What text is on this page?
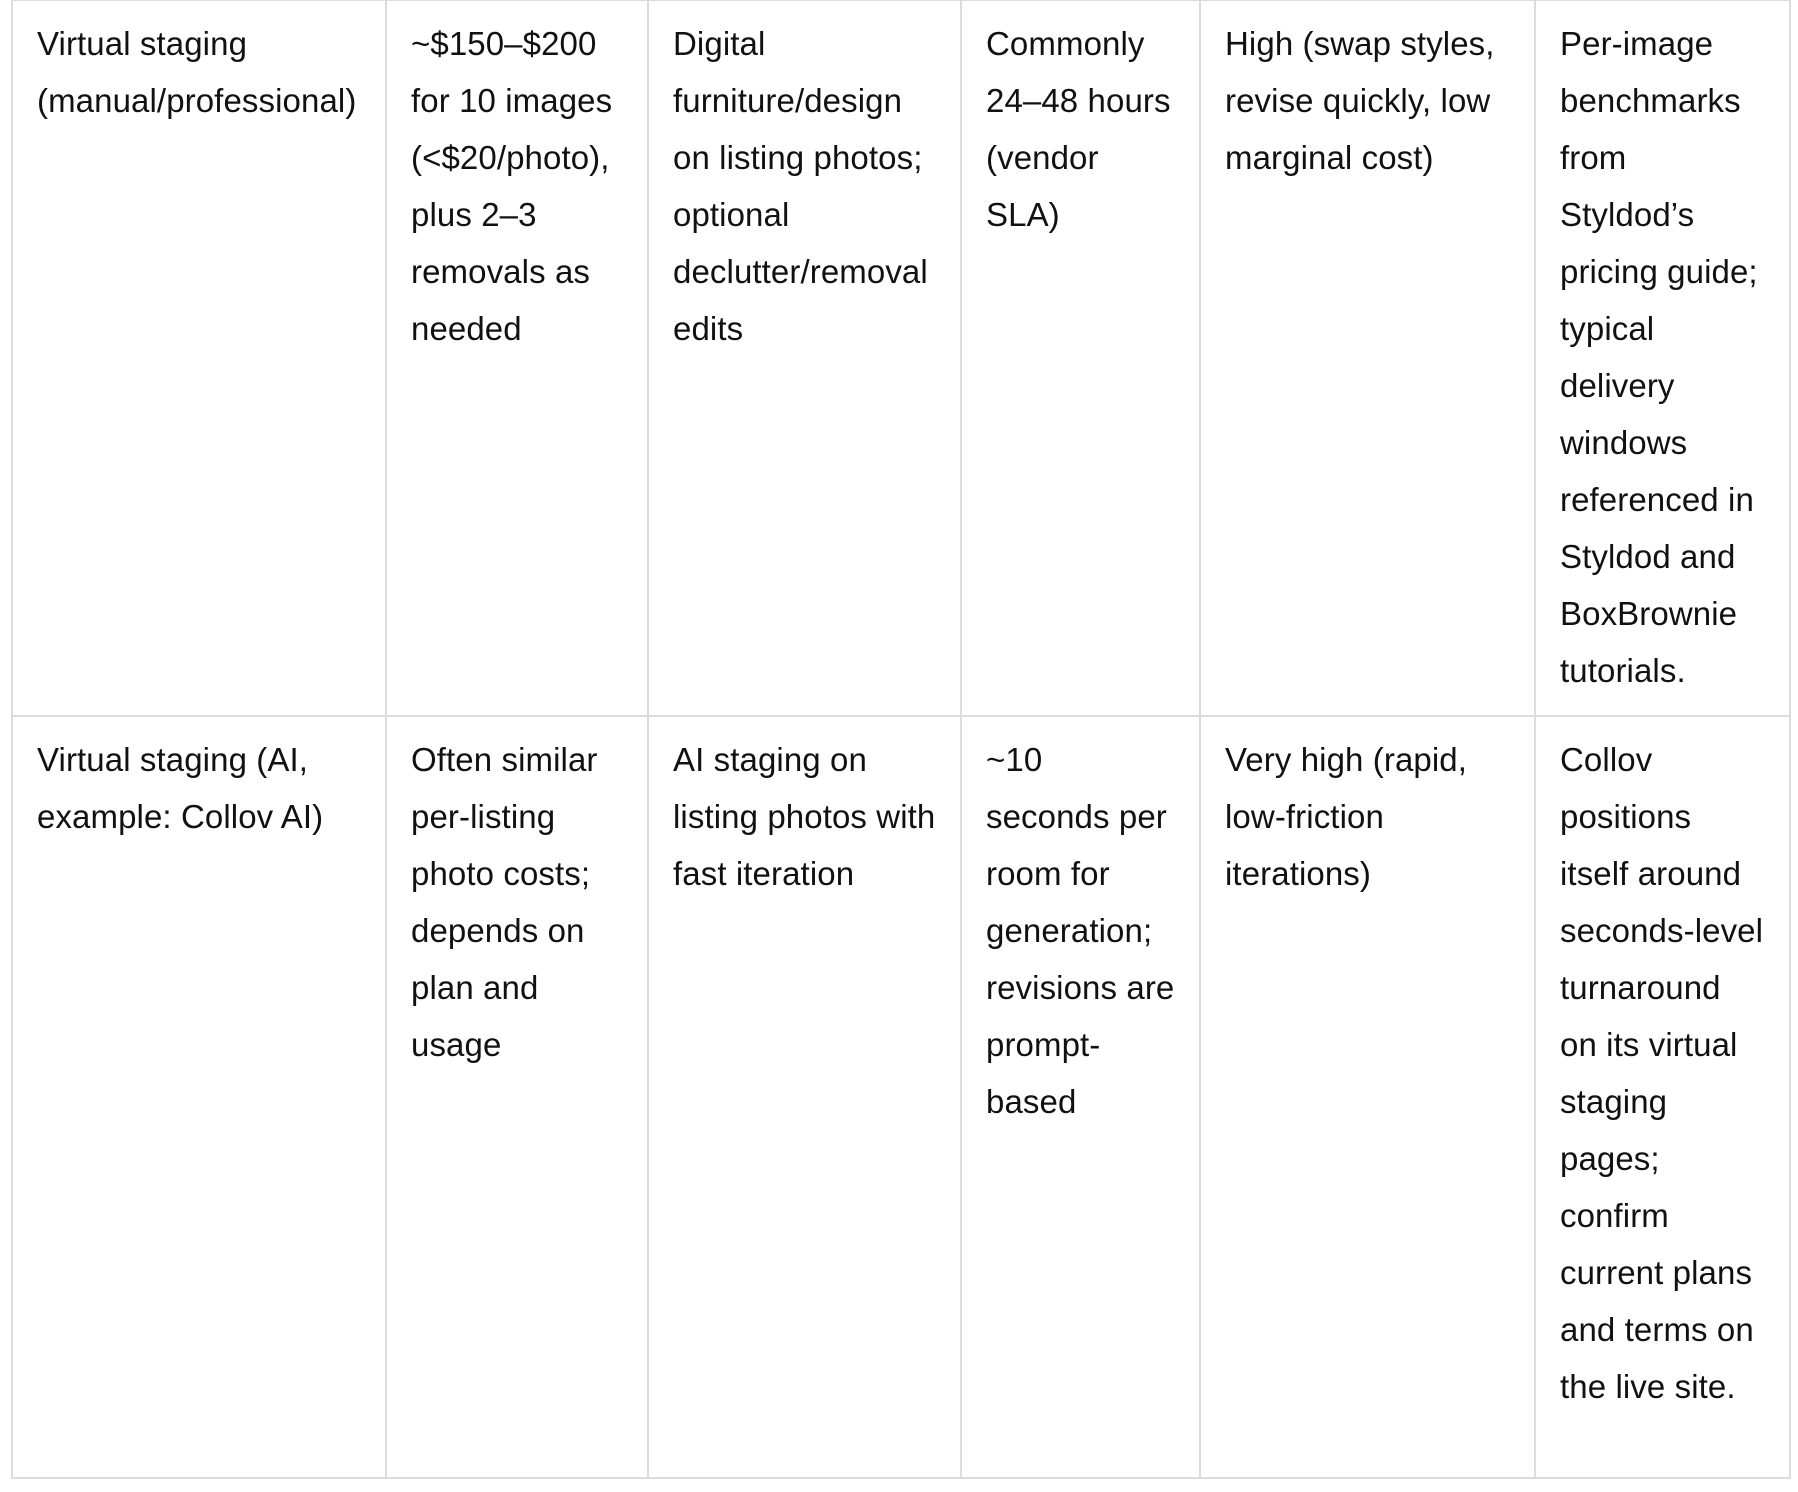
Virtual staging (manual/professional)	~$150–$200 for 10 images (<$20/photo), plus 2–3 removals as needed	Digital furniture/design on listing photos; optional declutter/removal edits	Commonly 24–48 hours (vendor SLA)	High (swap styles, revise quickly, low marginal cost)	Per-image benchmarks from Styldod’s pricing guide; typical delivery windows referenced in Styldod and BoxBrownie tutorials.
Virtual staging (AI, example: Collov AI)	Often similar per-listing photo costs; depends on plan and usage	AI staging on listing photos with fast iteration	~10 seconds per room for generation; revisions are prompt-based	Very high (rapid, low-friction iterations)	Collov positions itself around seconds-level turnaround on its virtual staging pages; confirm current plans and terms on the live site.
